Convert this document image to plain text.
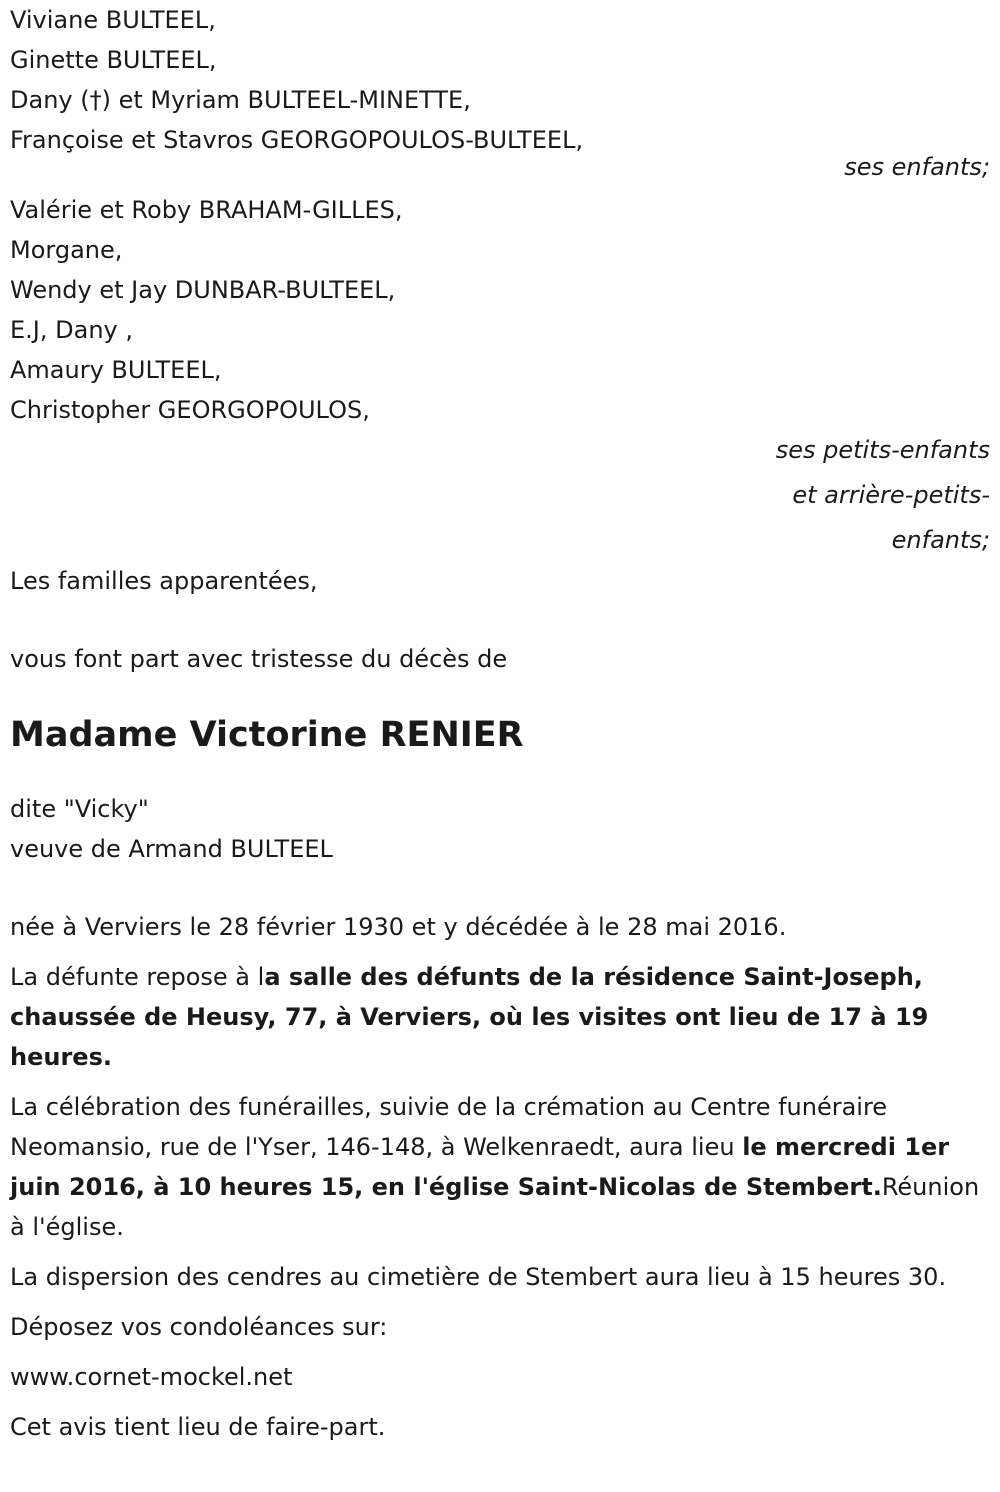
Viviane BULTEEL,
Ginette BULTEEL,
Dany (†) et Myriam BULTEEL-MINETTE,
Françoise et Stavros GEORGOPOULOS-BULTEEL,
ses enfants;
Valérie et Roby BRAHAM-GILLES,
Morgane,
Wendy et Jay DUNBAR-BULTEEL,
E.J, Dany ,
Amaury BULTEEL,
Christopher GEORGOPOULOS,
ses petits-enfants
et arrière-petits-
enfants;
Les familles apparentées,
vous font part avec tristesse du décès de
Madame Victorine RENIER
dite "Vicky"
veuve de Armand BULTEEL
née à Verviers le 28 février 1930 et y décédée à le 28 mai 2016.
La défunte repose à la salle des défunts de la résidence Saint-Joseph, chaussée de Heusy, 77, à Verviers, où les visites ont lieu de 17 à 19 heures.
La célébration des funérailles, suivie de la crémation au Centre funéraire Neomansio, rue de l'Yser, 146-148, à Welkenraedt, aura lieu le mercredi 1er juin 2016, à 10 heures 15, en l'église Saint-Nicolas de Stembert.Réunion à l'église.
La dispersion des cendres au cimetière de Stembert aura lieu à 15 heures 30.
Déposez vos condoléances sur:
www.cornet-mockel.net
Cet avis tient lieu de faire-part.
